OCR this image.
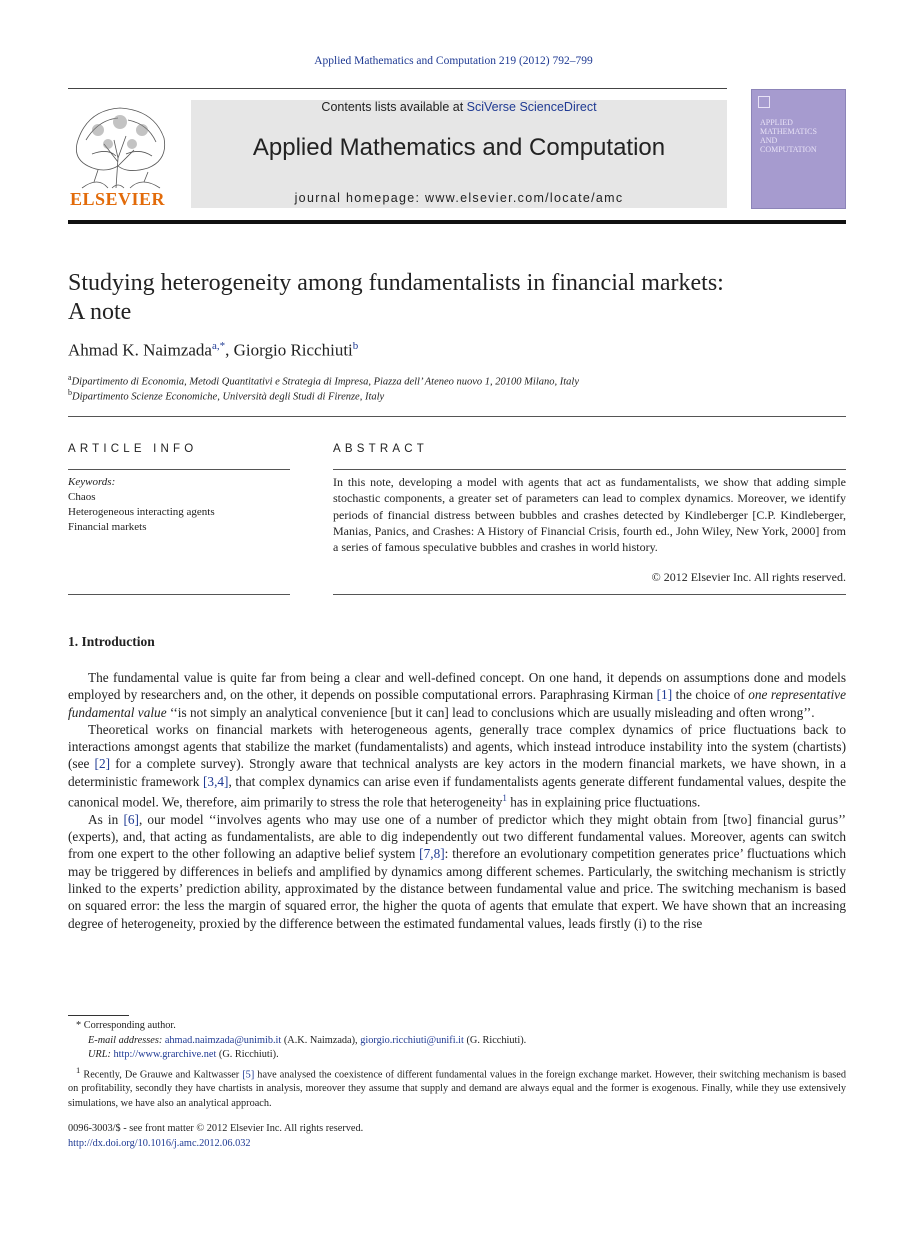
Applied Mathematics and Computation 219 (2012) 792–799
ELSEVIER
Contents lists available at SciVerse ScienceDirect
Applied Mathematics and Computation
journal homepage: www.elsevier.com/locate/amc
APPLIED
MATHEMATICS
AND
COMPUTATION
Studying heterogeneity among fundamentalists in financial markets:
A note
Ahmad K. Naimzada$^{a,*}$, Giorgio Ricchiuti$^b$
$^a$Dipartimento di Economia, Metodi Quantitativi e Strategia di Impresa, Piazza dell’ Ateneo nuovo 1, 20100 Milano, Italy
$^b$Dipartimento Scienze Economiche, Università degli Studi di Firenze, Italy
ARTICLE INFO	ABSTRACT
Keywords:
Chaos
Heterogeneous interacting agents
Financial markets
In this note, developing a model with agents that act as fundamentalists, we show that adding simple stochastic components, a greater set of parameters can lead to complex dynamics. Moreover, we identify periods of financial distress between bubbles and crashes detected by Kindleberger [C.P. Kindleberger, Manias, Panics, and Crashes: A History of Financial Crisis, fourth ed., John Wiley, New York, 2000] from a series of famous speculative bubbles and crashes in world history.
© 2012 Elsevier Inc. All rights reserved.
1. Introduction

The fundamental value is quite far from being a clear and well-defined concept. On one hand, it depends on assumptions done and models employed by researchers and, on the other, it depends on possible computational errors. Paraphrasing Kirman [1] the choice of one representative fundamental value ‘‘is not simply an analytical convenience [but it can] lead to conclusions which are usually misleading and often wrong’’.

Theoretical works on financial markets with heterogeneous agents, generally trace complex dynamics of price fluctuations back to interactions amongst agents that stabilize the market (fundamentalists) and agents, which instead introduce instability into the system (chartists) (see [2] for a complete survey). Strongly aware that technical analysts are key actors in the modern financial markets, we have shown, in a deterministic framework [3,4], that complex dynamics can arise even if fundamentalists agents generate different fundamental values, despite the canonical model. We, therefore, aim primarily to stress the role that heterogeneity$^1$ has in explaining price fluctuations.

As in [6], our model ‘‘involves agents who may use one of a number of predictor which they might obtain from [two] financial gurus’’ (experts), and, that acting as fundamentalists, are able to dig independently out two different fundamental values. Moreover, agents can switch from one expert to the other following an adaptive belief system [7,8]: therefore an evolutionary competition generates price’ fluctuations which may be triggered by differences in beliefs and amplified by dynamics among different schemes. Particularly, the switching mechanism is strictly linked to the experts’ prediction ability, approximated by the distance between fundamental value and price. The switching mechanism is based on squared error: the less the margin of squared error, the higher the quota of agents that emulate that expert. We have shown that an increasing degree of heterogeneity, proxied by the difference between the estimated fundamental values, leads firstly (i) to the rise

* Corresponding author.
E-mail addresses: ahmad.naimzada@unimib.it (A.K. Naimzada), giorgio.ricchiuti@unifi.it (G. Ricchiuti).
URL: http://www.grarchive.net (G. Ricchiuti).
$^1$ Recently, De Grauwe and Kaltwasser [5] have analysed the coexistence of different fundamental values in the foreign exchange market. However, their switching mechanism is based on profitability, secondly they have chartists in analysis, moreover they assume that supply and demand are always equal and the former is exogenous. Finally, while they use extensively simulations, we have also an analytical approach.
0096-3003/$ - see front matter © 2012 Elsevier Inc. All rights reserved.
http://dx.doi.org/10.1016/j.amc.2012.06.032
